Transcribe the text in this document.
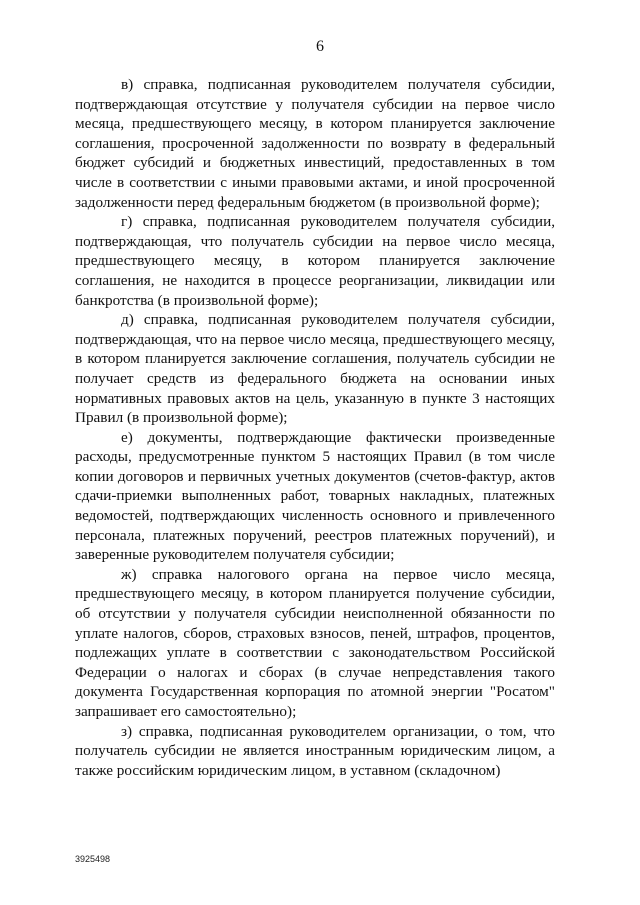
6

в) справка, подписанная руководителем получателя субсидии, подтверждающая отсутствие у получателя субсидии на первое число месяца, предшествующего месяцу, в котором планируется заключение соглашения, просроченной задолженности по возврату в федеральный бюджет субсидий и бюджетных инвестиций, предоставленных в том числе в соответствии с иными правовыми актами, и иной просроченной задолженности перед федеральным бюджетом (в произвольной форме);

г) справка, подписанная руководителем получателя субсидии, подтверждающая, что получатель субсидии на первое число месяца, предшествующего месяцу, в котором планируется заключение соглашения, не находится в процессе реорганизации, ликвидации или банкротства (в произвольной форме);

д) справка, подписанная руководителем получателя субсидии, подтверждающая, что на первое число месяца, предшествующего месяцу, в котором планируется заключение соглашения, получатель субсидии не получает средств из федерального бюджета на основании иных нормативных правовых актов на цель, указанную в пункте 3 настоящих Правил (в произвольной форме);

е) документы, подтверждающие фактически произведенные расходы, предусмотренные пунктом 5 настоящих Правил (в том числе копии договоров и первичных учетных документов (счетов-фактур, актов сдачи-приемки выполненных работ, товарных накладных, платежных ведомостей, подтверждающих численность основного и привлеченного персонала, платежных поручений, реестров платежных поручений), и заверенные руководителем получателя субсидии;

ж) справка налогового органа на первое число месяца, предшествующего месяцу, в котором планируется получение субсидии, об отсутствии у получателя субсидии неисполненной обязанности по уплате налогов, сборов, страховых взносов, пеней, штрафов, процентов, подлежащих уплате в соответствии с законодательством Российской Федерации о налогах и сборах (в случае непредставления такого документа Государственная корпорация по атомной энергии "Росатом" запрашивает его самостоятельно);

з) справка, подписанная руководителем организации, о том, что получатель субсидии не является иностранным юридическим лицом, а также российским юридическим лицом, в уставном (складочном)

3925498
